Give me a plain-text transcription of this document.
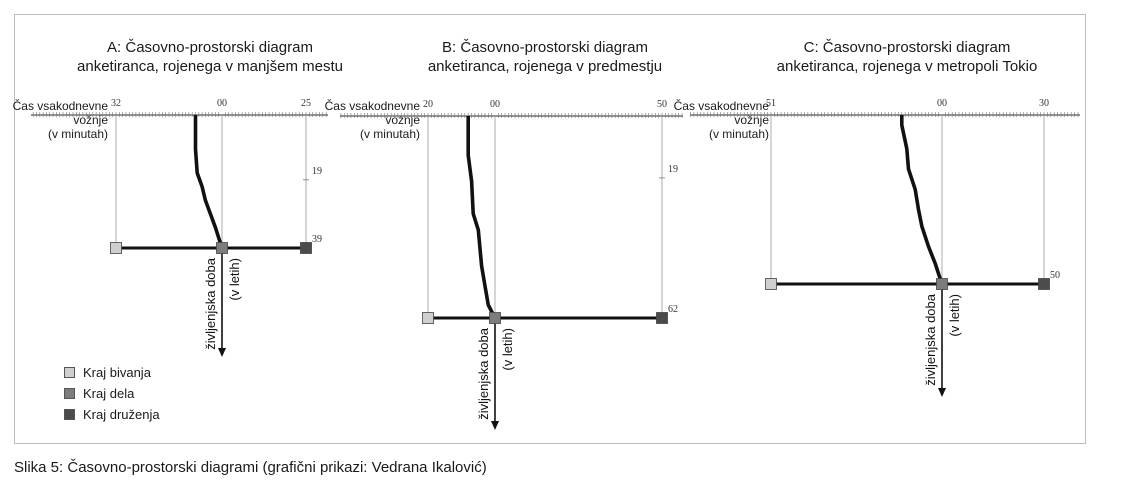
A: Časovno-prostorski diagram
anketiranca, rojenega v manjšem mestu
B: Časovno-prostorski diagram
anketiranca, rojenega v predmestju
C: Časovno-prostorski diagram
anketiranca, rojenega v metropoli Tokio
Čas vsakodnevne
vožnje
(v minutah)
Čas vsakodnevne
vožnje
(v minutah)
Čas vsakodnevne
vožnje
(v minutah)
32	00	25
19
39
življenjska doba (v letih)
20	00	50
19
62
življenjska doba (v letih)
51	00	30
50
življenjska doba (v letih)
Kraj bivanja
Kraj dela
Kraj druženja
Slika 5: Časovno-prostorski diagrami (grafični prikazi: Vedrana Ikalović)
